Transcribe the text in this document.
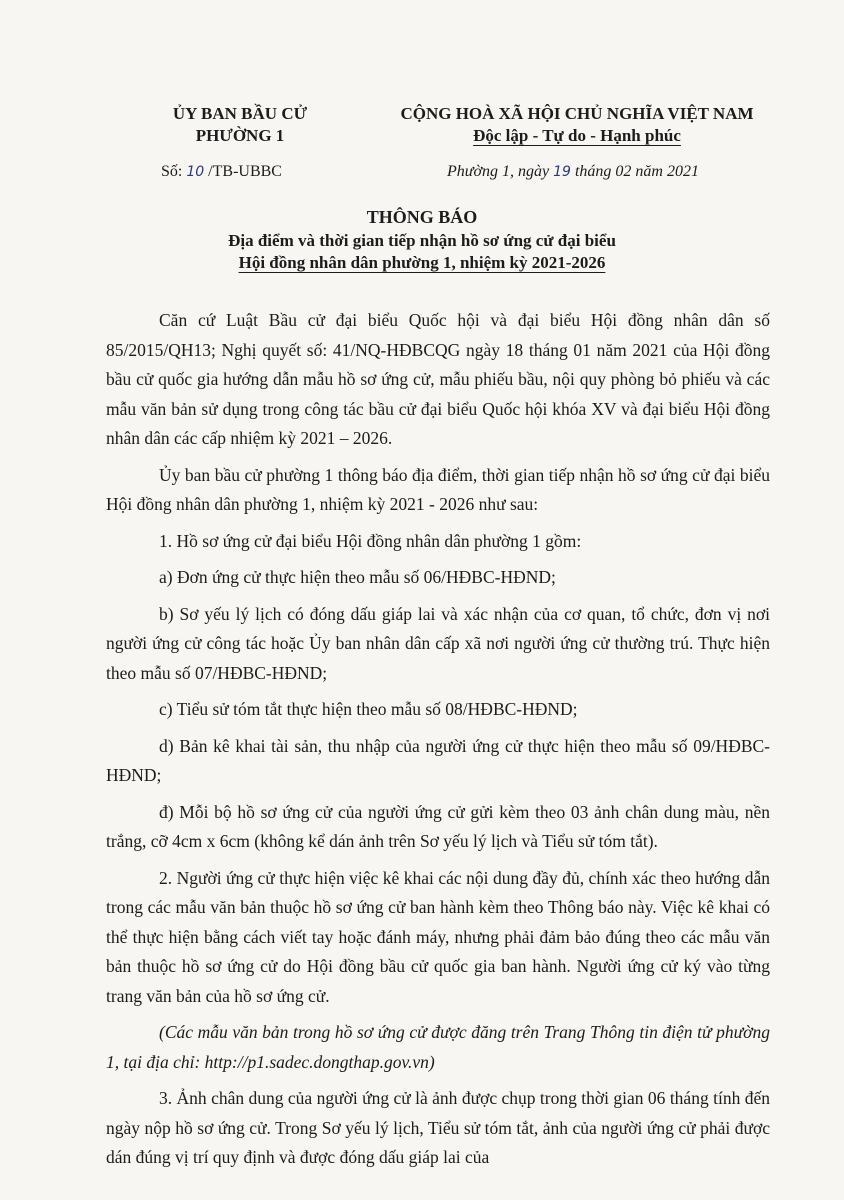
ỦY BAN BẦU CỬ
PHƯỜNG 1
CỘNG HOÀ XÃ HỘI CHỦ NGHĨA VIỆT NAM
Độc lập - Tự do - Hạnh phúc
Số: 10 /TB-UBBC	Phường 1, ngày 19 tháng 02 năm 2021
THÔNG BÁO
Địa điểm và thời gian tiếp nhận hồ sơ ứng cử đại biểu
Hội đồng nhân dân phường 1, nhiệm kỳ 2021-2026

Căn cứ Luật Bầu cử đại biểu Quốc hội và đại biểu Hội đồng nhân dân số 85/2015/QH13; Nghị quyết số: 41/NQ-HĐBCQG ngày 18 tháng 01 năm 2021 của Hội đồng bầu cử quốc gia hướng dẫn mẫu hồ sơ ứng cử, mẫu phiếu bầu, nội quy phòng bỏ phiếu và các mẫu văn bản sử dụng trong công tác bầu cử đại biểu Quốc hội khóa XV và đại biểu Hội đồng nhân dân các cấp nhiệm kỳ 2021 – 2026.

Ủy ban bầu cử phường 1 thông báo địa điểm, thời gian tiếp nhận hồ sơ ứng cử đại biểu Hội đồng nhân dân phường 1, nhiệm kỳ 2021 - 2026 như sau:

1. Hồ sơ ứng cử đại biểu Hội đồng nhân dân phường 1 gồm:

a) Đơn ứng cử thực hiện theo mẫu số 06/HĐBC-HĐND;

b) Sơ yếu lý lịch có đóng dấu giáp lai và xác nhận của cơ quan, tổ chức, đơn vị nơi người ứng cử công tác hoặc Ủy ban nhân dân cấp xã nơi người ứng cử thường trú. Thực hiện theo mẫu số 07/HĐBC-HĐND;

c) Tiểu sử tóm tắt thực hiện theo mẫu số 08/HĐBC-HĐND;

d) Bản kê khai tài sản, thu nhập của người ứng cử thực hiện theo mẫu số 09/HĐBC-HĐND;

đ) Mỗi bộ hồ sơ ứng cử của người ứng cử gửi kèm theo 03 ảnh chân dung màu, nền trắng, cỡ 4cm x 6cm (không kể dán ảnh trên Sơ yếu lý lịch và Tiểu sử tóm tắt).

2. Người ứng cử thực hiện việc kê khai các nội dung đầy đủ, chính xác theo hướng dẫn trong các mẫu văn bản thuộc hồ sơ ứng cử ban hành kèm theo Thông báo này. Việc kê khai có thể thực hiện bằng cách viết tay hoặc đánh máy, nhưng phải đảm bảo đúng theo các mẫu văn bản thuộc hồ sơ ứng cử do Hội đồng bầu cử quốc gia ban hành. Người ứng cử ký vào từng trang văn bản của hồ sơ ứng cử.

(Các mẫu văn bản trong hồ sơ ứng cử được đăng trên Trang Thông tin điện tử phường 1, tại địa chỉ: http://p1.sadec.dongthap.gov.vn)

3. Ảnh chân dung của người ứng cử là ảnh được chụp trong thời gian 06 tháng tính đến ngày nộp hồ sơ ứng cử. Trong Sơ yếu lý lịch, Tiểu sử tóm tắt, ảnh của người ứng cử phải được dán đúng vị trí quy định và được đóng dấu giáp lai của
